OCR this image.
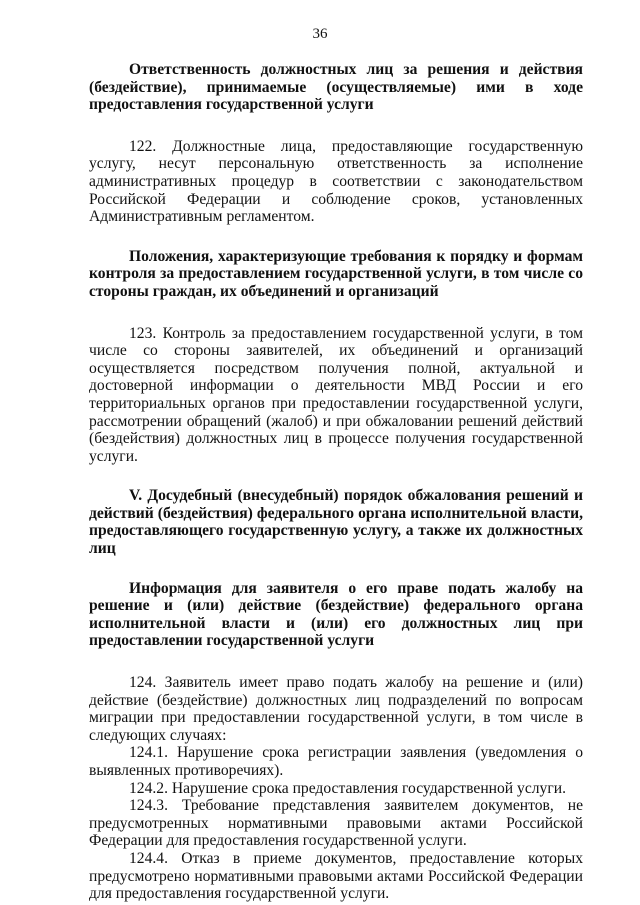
36

Ответственность должностных лиц за решения и действия (бездействие), принимаемые (осуществляемые) ими в ходе предоставления государственной услуги

122. Должностные лица, предоставляющие государственную услугу, несут персональную ответственность за исполнение административных процедур в соответствии с законодательством Российской Федерации и соблюдение сроков, установленных Административным регламентом.

Положения, характеризующие требования к порядку и формам контроля за предоставлением государственной услуги, в том числе со стороны граждан, их объединений и организаций

123. Контроль за предоставлением государственной услуги, в том числе со стороны заявителей, их объединений и организаций осуществляется посредством получения полной, актуальной и достоверной информации о деятельности МВД России и его территориальных органов при предоставлении государственной услуги, рассмотрении обращений (жалоб) и при обжаловании решений действий (бездействия) должностных лиц в процессе получения государственной услуги.

V. Досудебный (внесудебный) порядок обжалования решений и действий (бездействия) федерального органа исполнительной власти, предоставляющего государственную услугу, а также их должностных лиц

Информация для заявителя о его праве подать жалобу на решение и (или) действие (бездействие) федерального органа исполнительной власти и (или) его должностных лиц при предоставлении государственной услуги

124. Заявитель имеет право подать жалобу на решение и (или) действие (бездействие) должностных лиц подразделений по вопросам миграции при предоставлении государственной услуги, в том числе в следующих случаях:

124.1. Нарушение срока регистрации заявления (уведомления о выявленных противоречиях).

124.2. Нарушение срока предоставления государственной услуги.

124.3. Требование представления заявителем документов, не предусмотренных нормативными правовыми актами Российской Федерации для предоставления государственной услуги.

124.4. Отказ в приеме документов, предоставление которых предусмотрено нормативными правовыми актами Российской Федерации для предоставления государственной услуги.
